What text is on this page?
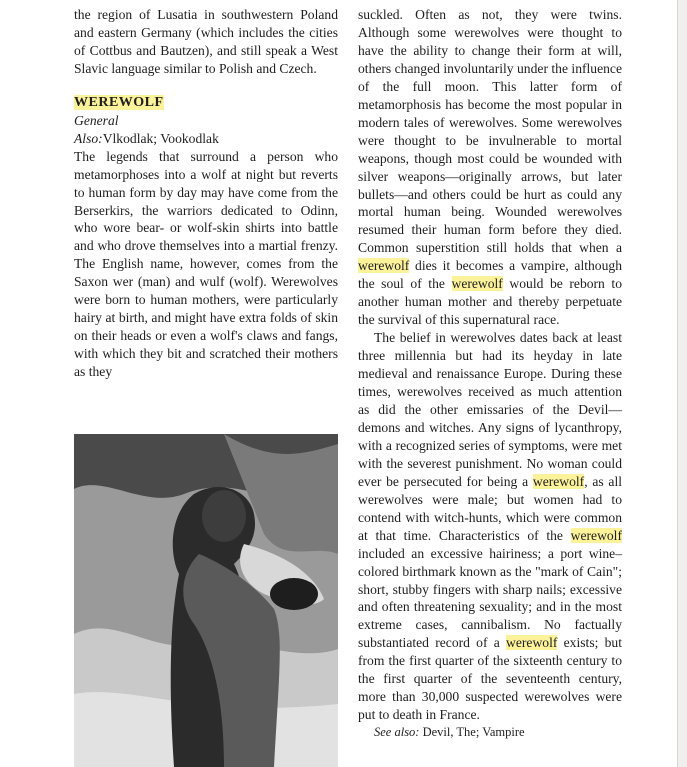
the region of Lusatia in southwestern Poland and eastern Germany (which includes the cities of Cottbus and Bautzen), and still speak a West Slavic language similar to Polish and Czech.

WEREWOLF

General

Also:Vlkodlak; Vookodlak

The legends that surround a person who metamorphoses into a wolf at night but reverts to human form by day may have come from the Berserkirs, the warriors dedicated to Odinn, who wore bear- or wolf-skin shirts into battle and who drove themselves into a martial frenzy. The English name, however, comes from the Saxon wer (man) and wulf (wolf). Werewolves were born to human mothers, were particularly hairy at birth, and might have extra folds of skin on their heads or even a wolf's claws and fangs, with which they bit and scratched their mothers as they

suckled. Often as not, they were twins. Although some werewolves were thought to have the ability to change their form at will, others changed involuntarily under the influence of the full moon. This latter form of metamorphosis has become the most popular in modern tales of werewolves. Some werewolves were thought to be invulnerable to mortal weapons, though most could be wounded with silver weapons—originally arrows, but later bullets—and others could be hurt as could any mortal human being. Wounded werewolves resumed their human form before they died. Common superstition still holds that when a werewolf dies it becomes a vampire, although the soul of the werewolf would be reborn to another human mother and thereby perpetuate the survival of this supernatural race.

The belief in werewolves dates back at least three millennia but had its heyday in late medieval and renaissance Europe. During these times, werewolves received as much attention as did the other emissaries of the Devil—demons and witches. Any signs of lycanthropy, with a recognized series of symptoms, were met with the severest punishment. No woman could ever be persecuted for being a werewolf, as all werewolves were male; but women had to contend with witch-hunts, which were common at that time. Characteristics of the werewolf included an excessive hairiness; a port wine–colored birthmark known as the "mark of Cain"; short, stubby fingers with sharp nails; excessive and often threatening sexuality; and in the most extreme cases, cannibalism. No factually substantiated record of a werewolf exists; but from the first quarter of the sixteenth century to the first quarter of the seventeenth century, more than 30,000 suspected werewolves were put to death in France.

See also: Devil, The; Vampire
